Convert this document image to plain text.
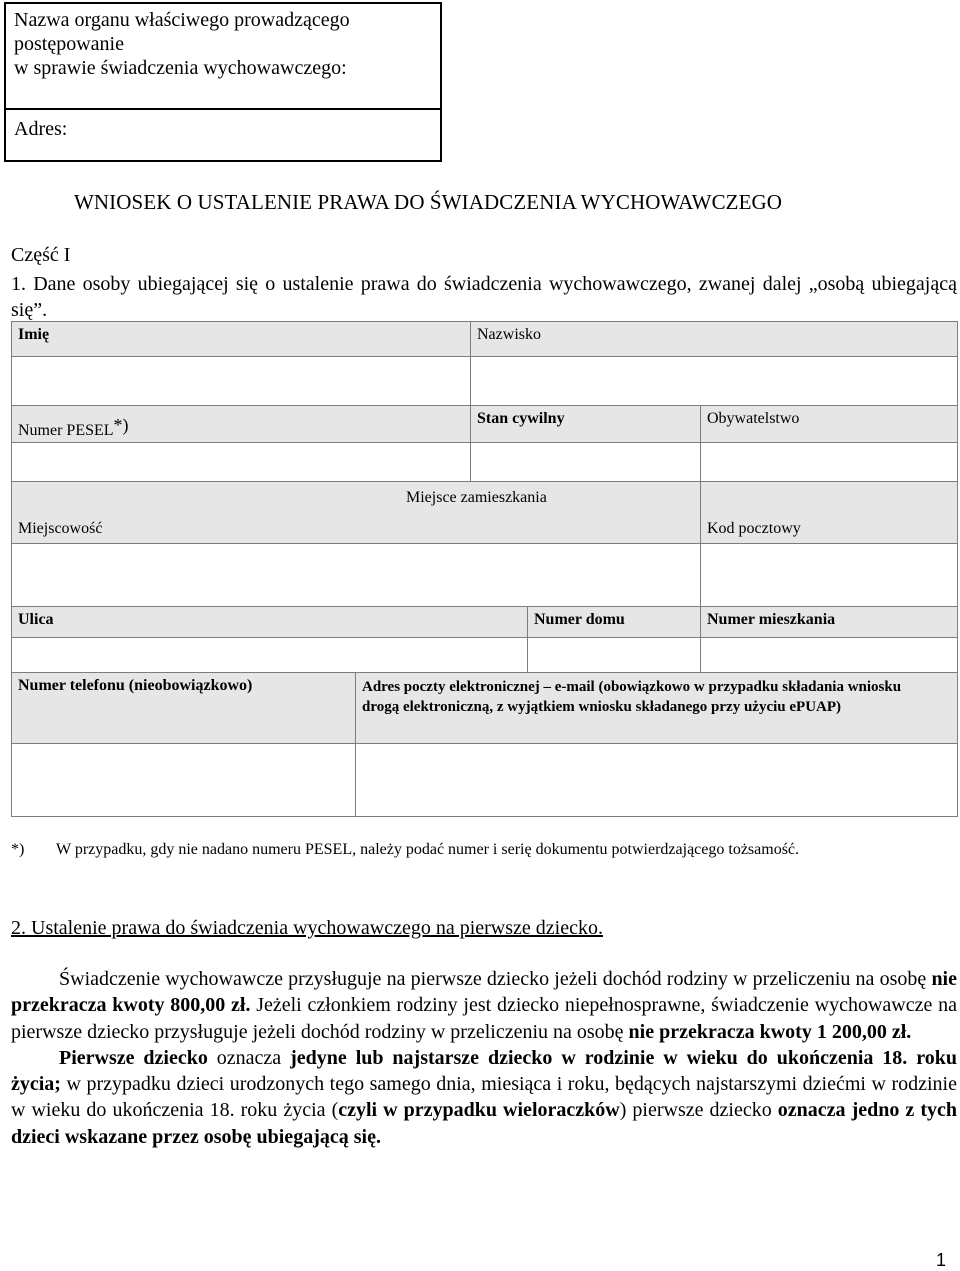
Nazwa organu właściwego prowadzącego
postępowanie
w sprawie świadczenia wychowawczego:
Adres:
WNIOSEK O USTALENIE PRAWA DO ŚWIADCZENIA WYCHOWAWCZEGO
Część I
1. Dane osoby ubiegającej się o ustalenie prawa do świadczenia wychowawczego, zwanej dalej „osobą ubiegającą się”.
Imię	Nazwisko
Numer PESEL*)	Stan cywilny	Obywatelstwo
Miejsce zamieszkania
Miejscowość	Kod pocztowy
Ulica	Numer domu	Numer mieszkania
Numer telefonu (nieobowiązkowo)	Adres poczty elektronicznej – e-mail (obowiązkowo w przypadku składania wniosku drogą elektroniczną, z wyjątkiem wniosku składanego przy użyciu ePUAP)
*) W przypadku, gdy nie nadano numeru PESEL, należy podać numer i serię dokumentu potwierdzającego tożsamość.
2. Ustalenie prawa do świadczenia wychowawczego na pierwsze dziecko.

Świadczenie wychowawcze przysługuje na pierwsze dziecko jeżeli dochód rodziny w przeliczeniu na osobę nie przekracza kwoty 800,00 zł. Jeżeli członkiem rodziny jest dziecko niepełnosprawne, świadczenie wychowawcze na pierwsze dziecko przysługuje jeżeli dochód rodziny w przeliczeniu na osobę nie przekracza kwoty 1 200,00 zł.

Pierwsze dziecko oznacza jedyne lub najstarsze dziecko w rodzinie w wieku do ukończenia 18. roku życia; w przypadku dzieci urodzonych tego samego dnia, miesiąca i roku, będących najstarszymi dziećmi w rodzinie w wieku do ukończenia 18. roku życia (czyli w przypadku wieloraczków) pierwsze dziecko oznacza jedno z tych dzieci wskazane przez osobę ubiegającą się.

1
